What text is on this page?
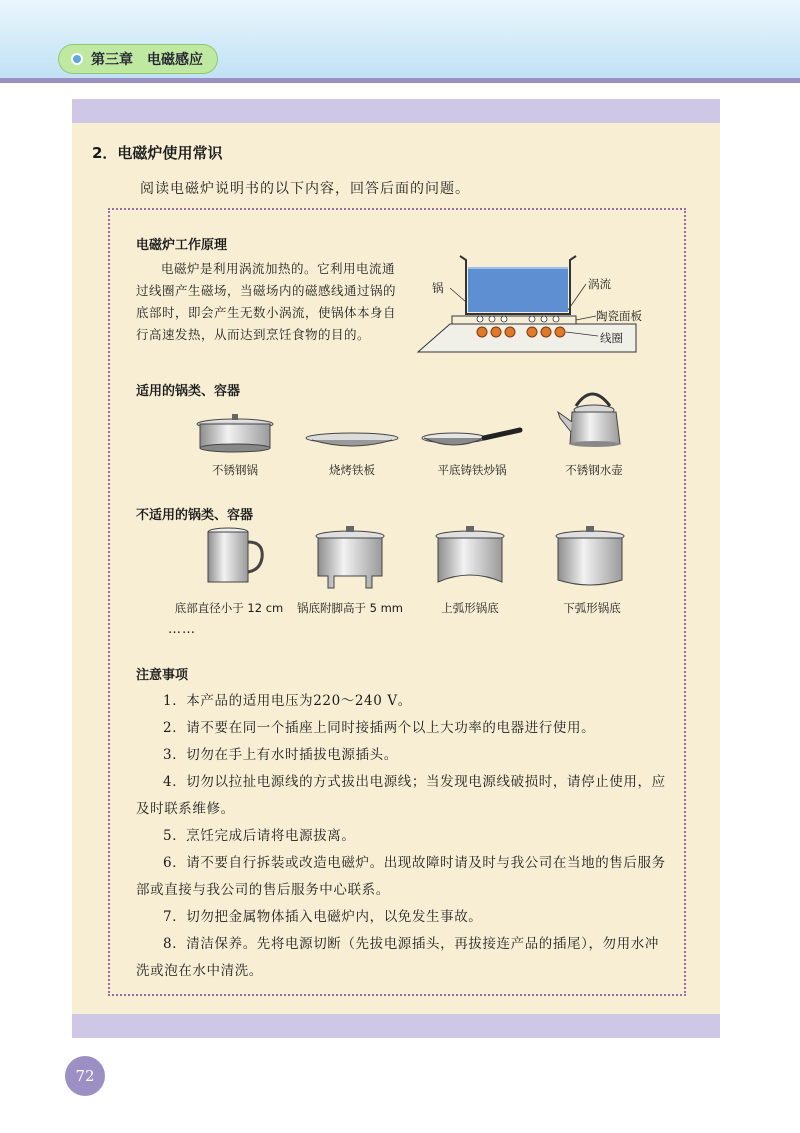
第三章　电磁感应
2．电磁炉使用常识
阅读电磁炉说明书的以下内容，回答后面的问题。
电磁炉工作原理
电磁炉是利用涡流加热的。它利用电流通过线圈产生磁场，当磁场内的磁感线通过锅的底部时，即会产生无数小涡流，使锅体本身自行高速发热，从而达到烹饪食物的目的。
锅	涡流
陶瓷面板
线圈
适用的锅类、容器
不锈钢锅	烧烤铁板	平底铸铁炒锅	不锈钢水壶
不适用的锅类、容器
底部直径小于 12 cm 锅底附脚高于 5 mm	上弧形锅底	下弧形锅底
……
注意事项
1．本产品的适用电压为220～240 V。
2．请不要在同一个插座上同时接插两个以上大功率的电器进行使用。
3．切勿在手上有水时插拔电源插头。
4．切勿以拉扯电源线的方式拔出电源线；当发现电源线破损时，请停止使用，应及时联系维修。
5．烹饪完成后请将电源拔离。
6．请不要自行拆装或改造电磁炉。出现故障时请及时与我公司在当地的售后服务部或直接与我公司的售后服务中心联系。
7．切勿把金属物体插入电磁炉内，以免发生事故。
8．清洁保养。先将电源切断（先拔电源插头，再拔接连产品的插尾），勿用水冲洗或泡在水中清洗。
72
